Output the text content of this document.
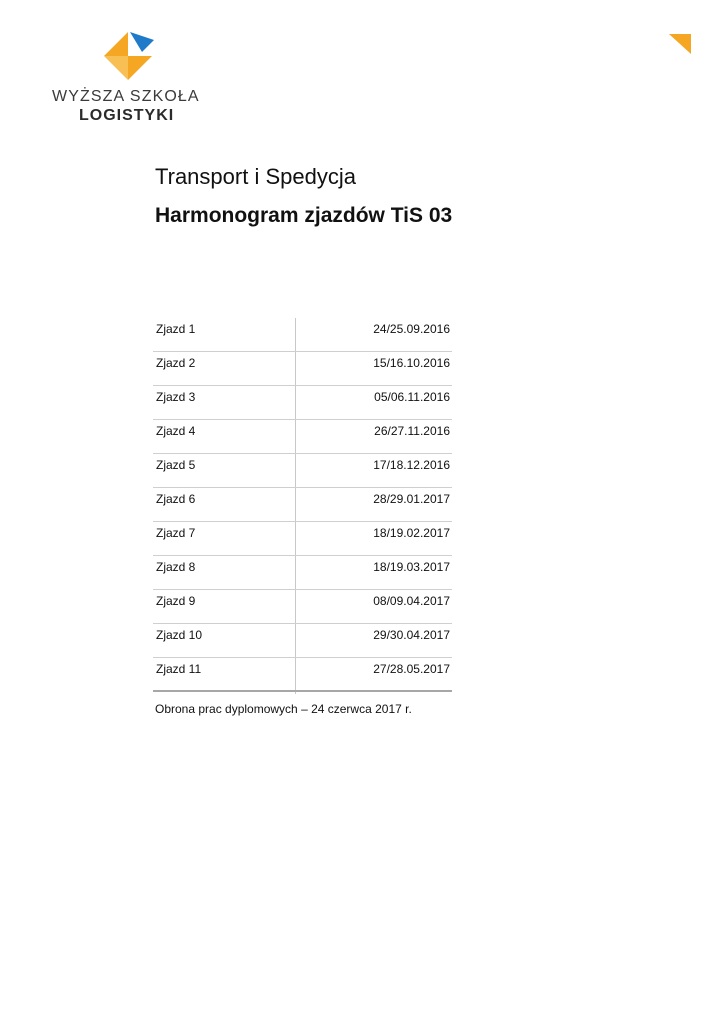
WYŻSZA SZKOŁA
LOGISTYKI
Transport i Spedycja
Harmonogram zjazdów TiS 03
Zjazd 1	24/25.09.2016
Zjazd 2	15/16.10.2016
Zjazd 3	05/06.11.2016
Zjazd 4	26/27.11.2016
Zjazd 5	17/18.12.2016
Zjazd 6	28/29.01.2017
Zjazd 7	18/19.02.2017
Zjazd 8	18/19.03.2017
Zjazd 9	08/09.04.2017
Zjazd 10	29/30.04.2017
Zjazd 11	27/28.05.2017
Obrona prac dyplomowych – 24 czerwca 2017 r.
